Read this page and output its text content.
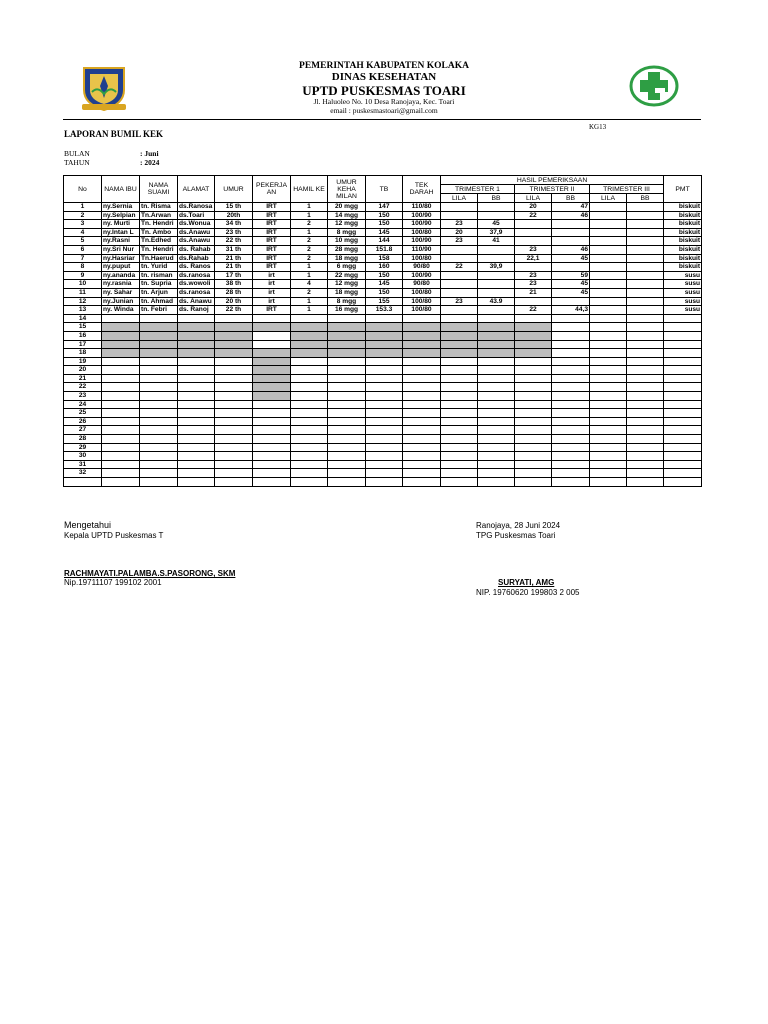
PEMERINTAH KABUPATEN KOLAKA
DINAS KESEHATAN
UPTD PUSKESMAS TOARI
Jl. Haluoleo No. 10 Desa Ranojaya, Kec. Toari
email : puskesmastoari@gmail.com
KG13
LAPORAN BUMIL KEK
BULAN	: Juni
TAHUN	: 2024
No	NAMA IBU	NAMA SUAMI	ALAMAT	UMUR	PEKERJA AN	HAMIL KE	UMUR KEHA MILAN	TB	TEK DARAH	HASIL PEMERIKSAAN						PMT
										TRIMESTER 1		TRIMESTER II		TRIMESTER III		
										LILA	BB	LILA	BB	LILA	BB	
1	ny.Sernia	tn. Risma	ds.Ranosa	15 th	IRT	1	20 mgg	147	110/80			20	47			biskuit
2	ny.Selpian	Tn.Arwan	ds.Toari	20th	IRT	1	14 mgg	150	100/90			22	46			biskuit
3	ny. Murti	Tn. Hendri	ds.Wonua	34 th	IRT	2	12 mgg	150	100/90	23	45					biskuit
4	ny.Intan L	Tn. Ambo	ds.Anawu	23 th	IRT	1	8 mgg	145	100/80	20	37,9					biskuit
5	ny.Rasni	Tn.Edhed	ds.Anawu	22 th	IRT	2	10 mgg	144	100/90	23	41					biskuit
6	ny.Sri Nur	Tn. Hendri	ds. Rahab	31 th	IRT	2	28 mgg	151.8	110/90			23	46			biskuit
7	ny.Hasriar	Tn.Haerud	ds.Rahab	21 th	IRT	2	18 mgg	158	100/80			22,1	45			biskuit
8	ny.puput	tn. Yurid	ds. Ranos	21 th	IRT	1	6 mgg	160	90/80	22	39,9					biskuit
9	ny.ananda	tn. risman	ds.ranosa	17 th	irt	1	22 mgg	150	100/90			23	59			susu
10	ny.rasnia	tn. Supria	ds.wowoli	38 th	irt	4	12 mgg	145	90/80			23	45			susu
11	ny. Sahar	tn. Arjun	ds.ranosa	28 th	irt	2	18 mgg	150	100/80			21	45			susu
12	ny.Junian	tn. Ahmad	ds. Anawu	20 th	irt	1	8 mgg	155	100/80	23	43.9					susu
13	ny. Winda	tn. Febri	ds. Ranoj	22 th	IRT	1	16 mgg	153.3	100/80			22	44,3			susu
14																
15																
16																
17																
18																
19																
20																
21																
22																
23																
24																
25																
26																
27																
28																
29																
30																
31																
32																

Mengetahui
Kepala UPTD Puskesmas T
RACHMAYATI.PALAMBA.S.PASORONG, SKM
Nip.19711107 199102 2001
Ranojaya, 28 Juni 2024
TPG Puskesmas Toari
SURYATI, AMG
NIP. 19760620 199803 2 005
